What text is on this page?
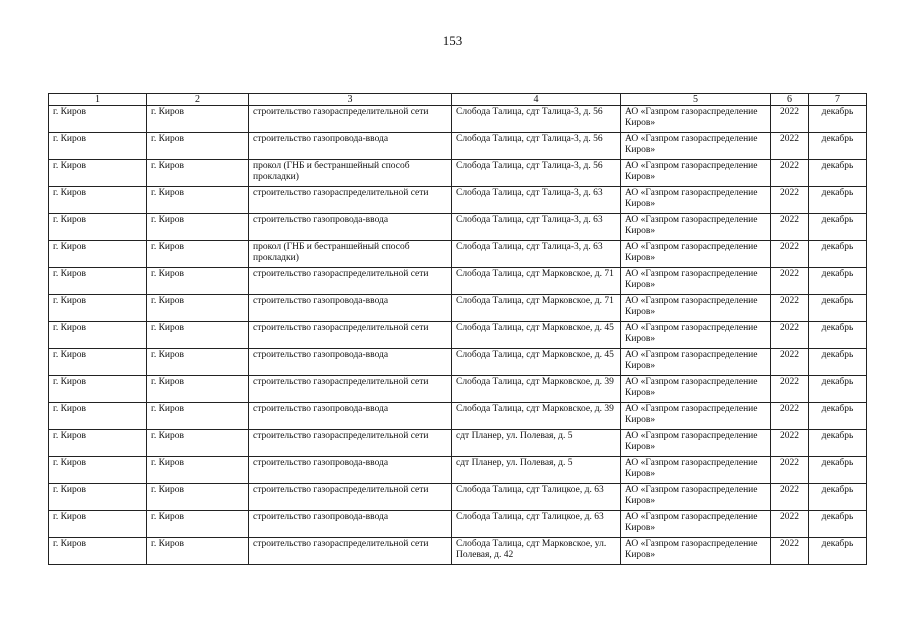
153
1	2	3	4	5	6	7
г. Киров	г. Киров	строительство газораспределительной сети	Слобода Талица, сдт Талица-3, д. 56	АО «Газпром газораспределение Киров»	2022	декабрь
г. Киров	г. Киров	строительство газопровода-ввода	Слобода Талица, сдт Талица-3, д. 56	АО «Газпром газораспределение Киров»	2022	декабрь
г. Киров	г. Киров	прокол (ГНБ и бестраншейный способ прокладки)	Слобода Талица, сдт Талица-3, д. 56	АО «Газпром газораспределение Киров»	2022	декабрь
г. Киров	г. Киров	строительство газораспределительной сети	Слобода Талица, сдт Талица-3, д. 63	АО «Газпром газораспределение Киров»	2022	декабрь
г. Киров	г. Киров	строительство газопровода-ввода	Слобода Талица, сдт Талица-3, д. 63	АО «Газпром газораспределение Киров»	2022	декабрь
г. Киров	г. Киров	прокол (ГНБ и бестраншейный способ прокладки)	Слобода Талица, сдт Талица-3, д. 63	АО «Газпром газораспределение Киров»	2022	декабрь
г. Киров	г. Киров	строительство газораспределительной сети	Слобода Талица, сдт Марковское, д. 71	АО «Газпром газораспределение Киров»	2022	декабрь
г. Киров	г. Киров	строительство газопровода-ввода	Слобода Талица, сдт Марковское, д. 71	АО «Газпром газораспределение Киров»	2022	декабрь
г. Киров	г. Киров	строительство газораспределительной сети	Слобода Талица, сдт Марковское, д. 45	АО «Газпром газораспределение Киров»	2022	декабрь
г. Киров	г. Киров	строительство газопровода-ввода	Слобода Талица, сдт Марковское, д. 45	АО «Газпром газораспределение Киров»	2022	декабрь
г. Киров	г. Киров	строительство газораспределительной сети	Слобода Талица, сдт Марковское, д. 39	АО «Газпром газораспределение Киров»	2022	декабрь
г. Киров	г. Киров	строительство газопровода-ввода	Слобода Талица, сдт Марковское, д. 39	АО «Газпром газораспределение Киров»	2022	декабрь
г. Киров	г. Киров	строительство газораспределительной сети	сдт Планер, ул. Полевая, д. 5	АО «Газпром газораспределение Киров»	2022	декабрь
г. Киров	г. Киров	строительство газопровода-ввода	сдт Планер, ул. Полевая, д. 5	АО «Газпром газораспределение Киров»	2022	декабрь
г. Киров	г. Киров	строительство газораспределительной сети	Слобода Талица, сдт Талицкое, д. 63	АО «Газпром газораспределение Киров»	2022	декабрь
г. Киров	г. Киров	строительство газопровода-ввода	Слобода Талица, сдт Талицкое, д. 63	АО «Газпром газораспределение Киров»	2022	декабрь
г. Киров	г. Киров	строительство газораспределительной сети	Слобода Талица, сдт Марковское, ул. Полевая, д. 42	АО «Газпром газораспределение Киров»	2022	декабрь
